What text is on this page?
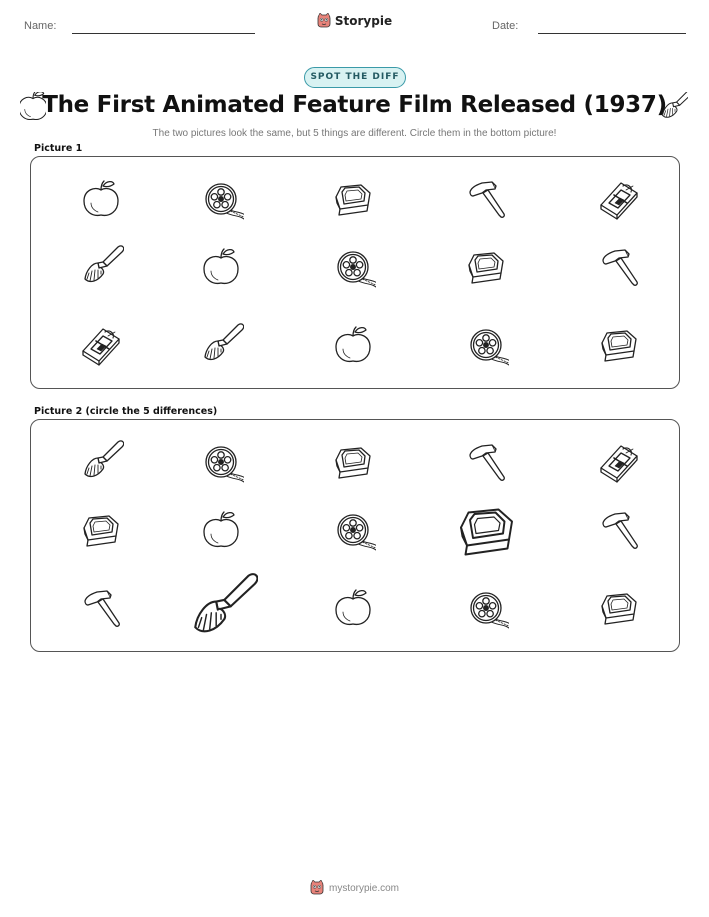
Name:	Storypie	Date:
SPOT THE DIFF
The First Animated Feature Film Released (1937)
The two pictures look the same, but 5 things are different. Circle them in the bottom picture!
Picture 1
Picture 2 (circle the 5 differences)
mystorypie.com
